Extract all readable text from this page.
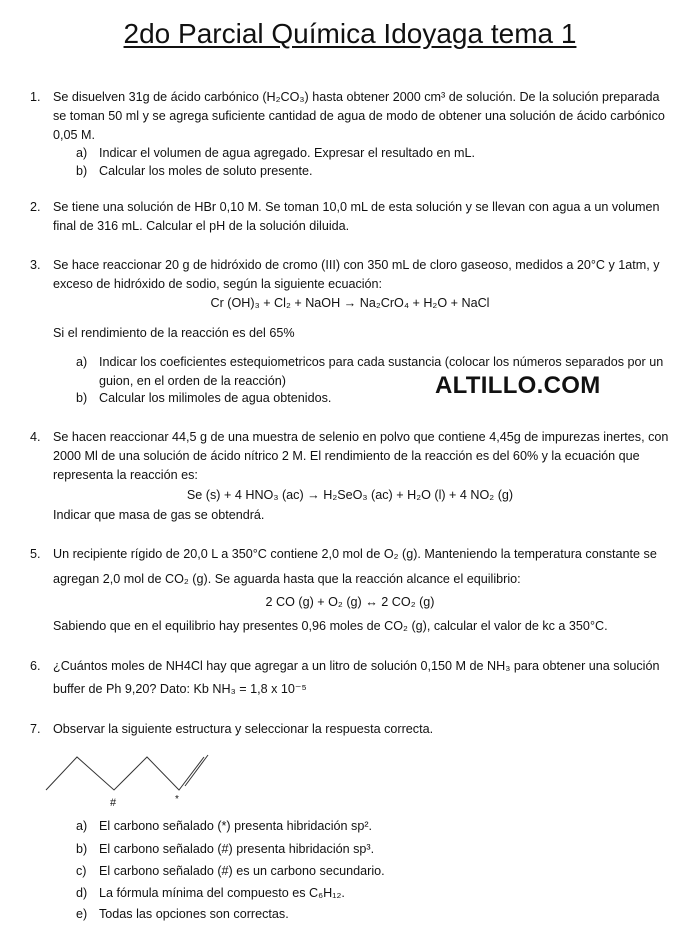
2do Parcial Química Idoyaga tema 1
1. Se disuelven 31g de ácido carbónico (H₂CO₃) hasta obtener 2000 cm³ de solución. De la solución preparada
se toman 50 ml y se agrega suficiente cantidad de agua de modo de obtener una solución de ácido carbónico
0,05 M.
a) Indicar el volumen de agua agregado. Expresar el resultado en mL.
b) Calcular los moles de soluto presente.
2. Se tiene una solución de HBr 0,10 M. Se toman 10,0 mL de esta solución y se llevan con agua a un volumen
final de 316 mL. Calcular el pH de la solución diluida.
3. Se hace reaccionar 20 g de hidróxido de cromo (III) con 350 mL de cloro gaseoso, medidos a 20°C y 1atm, y
exceso de hidróxido de sodio, según la siguiente ecuación:
Cr (OH)₃ + Cl₂ + NaOH → Na₂CrO₄ + H₂O + NaCl
Si el rendimiento de la reacción es del 65%
a) Indicar los coeficientes estequiometricos para cada sustancia (colocar los números separados por un
guion, en el orden de la reacción)
b) Calcular los milimoles de agua obtenidos.	ALTILLO.COM
4. Se hacen reaccionar 44,5 g de una muestra de selenio en polvo que contiene 4,45g de impurezas inertes, con
2000 Ml de una solución de ácido nítrico 2 M. El rendimiento de la reacción es del 60% y la ecuación que
representa la reacción es:
Se (s) + 4 HNO₃ (ac) → H₂SeO₃ (ac) + H₂O (l) + 4 NO₂ (g)
Indicar que masa de gas se obtendrá.
5. Un recipiente rígido de 20,0 L a 350°C contiene 2,0 mol de O₂ (g). Manteniendo la temperatura constante se
agregan 2,0 mol de CO₂ (g). Se aguarda hasta que la reacción alcance el equilibrio:
2 CO (g) + O₂ (g) ↔ 2 CO₂ (g)
Sabiendo que en el equilibrio hay presentes 0,96 moles de CO₂ (g), calcular el valor de kc a 350°C.
6. ¿Cuántos moles de NH4Cl hay que agregar a un litro de solución 0,150 M de NH₃ para obtener una solución
buffer de Ph 9,20? Dato: Kb NH₃ = 1,8 x 10⁻⁵
7. Observar la siguiente estructura y seleccionar la respuesta correcta.
#	*
a) El carbono señalado (*) presenta hibridación sp².
b) El carbono señalado (#) presenta hibridación sp³.
c) El carbono señalado (#) es un carbono secundario.
d) La fórmula mínima del compuesto es C₆H₁₂.
e) Todas las opciones son correctas.
